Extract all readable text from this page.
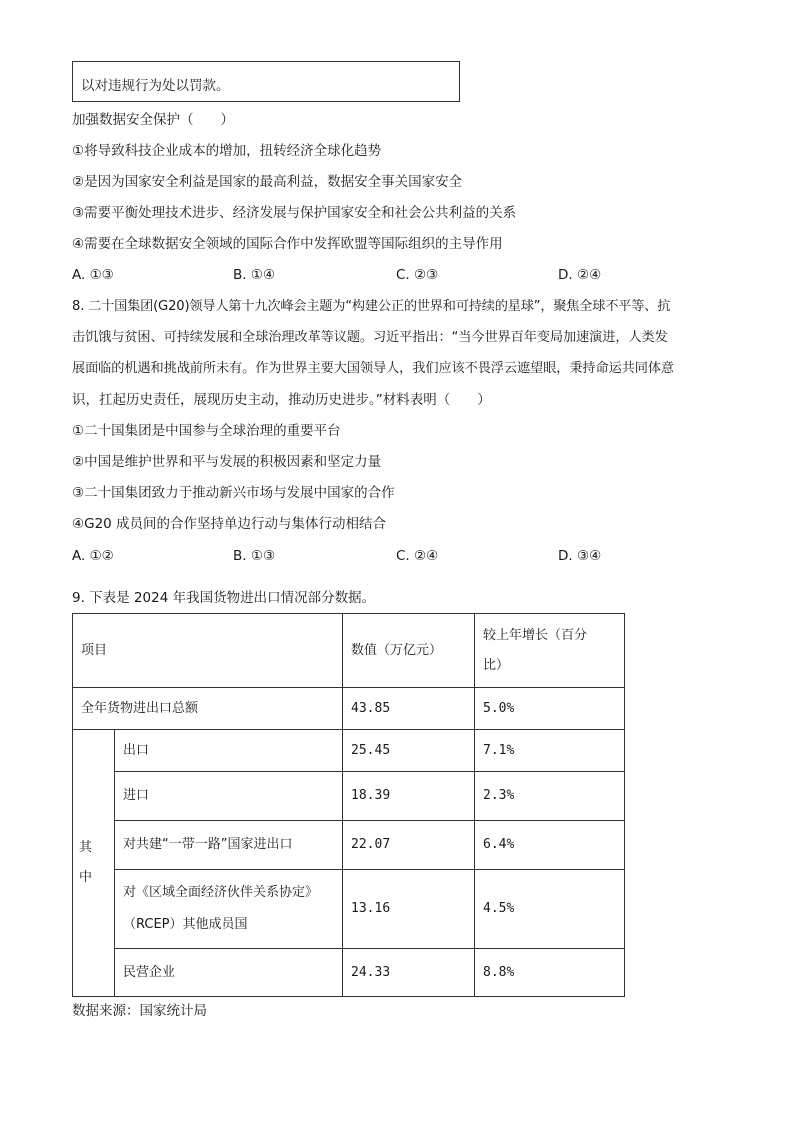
以对违规行为处以罚款。
加强数据安全保护（　　）
①将导致科技企业成本的增加，扭转经济全球化趋势
②是因为国家安全利益是国家的最高利益，数据安全事关国家安全
③需要平衡处理技术进步、经济发展与保护国家安全和社会公共利益的关系
④需要在全球数据安全领域的国际合作中发挥欧盟等国际组织的主导作用
A. ①③	B. ①④	C. ②③	D. ②④
8. 二十国集团(G20)领导人第十九次峰会主题为“构建公正的世界和可持续的星球”，聚焦全球不平等、抗
击饥饿与贫困、可持续发展和全球治理改革等议题。习近平指出：“当今世界百年变局加速演进，人类发
展面临的机遇和挑战前所未有。作为世界主要大国领导人，我们应该不畏浮云遮望眼，秉持命运共同体意
识，扛起历史责任，展现历史主动，推动历史进步。”材料表明（　　）
①二十国集团是中国参与全球治理的重要平台
②中国是维护世界和平与发展的积极因素和坚定力量
③二十国集团致力于推动新兴市场与发展中国家的合作
④G20 成员间的合作坚持单边行动与集体行动相结合
A. ①②	B. ①③	C. ②④	D. ③④
9. 下表是 2024 年我国货物进出口情况部分数据。
项目		数值（万亿元）	较上年增长（百分
比）
全年货物进出口总额		43.85	5.0%
其
中	出口	25.45	7.1%
	进口	18.39	2.3%
	对共建“一带一路”国家进出口	22.07	6.4%
	对《区域全面经济伙伴关系协定》
（RCEP）其他成员国	13.16	4.5%
	民营企业	24.33	8.8%
数据来源：国家统计局
